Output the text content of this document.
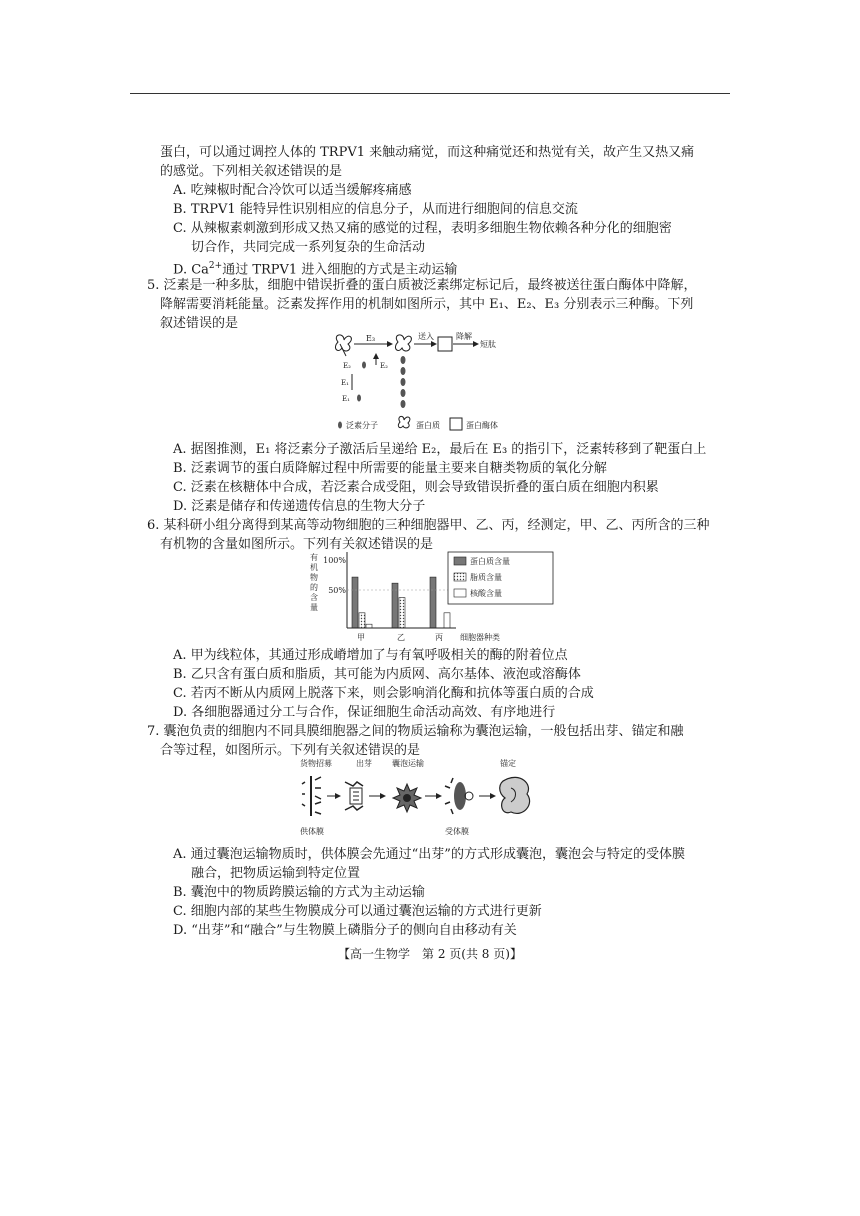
蛋白，可以通过调控人体的 TRPV1 来触动痛觉，而这种痛觉还和热觉有关，故产生又热又痛
的感觉。下列相关叙述错误的是
A. 吃辣椒时配合冷饮可以适当缓解疼痛感
B. TRPV1 能特异性识别相应的信息分子，从而进行细胞间的信息交流
C. 从辣椒素刺激到形成又热又痛的感觉的过程，表明多细胞生物依赖各种分化的细胞密
切合作，共同完成一系列复杂的生命活动
D. $Ca^{2+}$通过 TRPV1 进入细胞的方式是主动运输
5. 泛素是一种多肽，细胞中错误折叠的蛋白质被泛素绑定标记后，最终被送往蛋白酶体中降解，
降解需要消耗能量。泛素发挥作用的机制如图所示，其中 E₁、E₂、E₃ 分别表示三种酶。下列
叙述错误的是
E₃	送入	降解
短肽
E₂	E₂
E₁
E₁
泛素分子	蛋白质	蛋白酶体
A. 据图推测，E₁ 将泛素分子激活后呈递给 E₂，最后在 E₃ 的指引下，泛素转移到了靶蛋白上
B. 泛素调节的蛋白质降解过程中所需要的能量主要来自糖类物质的氧化分解
C. 泛素在核糖体中合成，若泛素合成受阻，则会导致错误折叠的蛋白质在细胞内积累
D. 泛素是储存和传递遗传信息的生物大分子
6. 某科研小组分离得到某高等动物细胞的三种细胞器甲、乙、丙，经测定，甲、乙、丙所含的三种
有机物的含量如图所示。下列有关叙述错误的是
有
机
物
的
含
量
100%
50%
甲	乙	丙 细胞器种类
蛋白质含量
脂质含量
核酸含量
A. 甲为线粒体，其通过形成嵴增加了与有氧呼吸相关的酶的附着位点
B. 乙只含有蛋白质和脂质，其可能为内质网、高尔基体、液泡或溶酶体
C. 若丙不断从内质网上脱落下来，则会影响消化酶和抗体等蛋白质的合成
D. 各细胞器通过分工与合作，保证细胞生命活动高效、有序地进行
7. 囊泡负责的细胞内不同具膜细胞器之间的物质运输称为囊泡运输，一般包括出芽、锚定和融
合等过程，如图所示。下列有关叙述错误的是
货物招募	出芽	囊泡运输	锚定
供体膜	受体膜
A. 通过囊泡运输物质时，供体膜会先通过“出芽”的方式形成囊泡，囊泡会与特定的受体膜
融合，把物质运输到特定位置
B. 囊泡中的物质跨膜运输的方式为主动运输
C. 细胞内部的某些生物膜成分可以通过囊泡运输的方式进行更新
D. “出芽”和“融合”与生物膜上磷脂分子的侧向自由移动有关
【高一生物学　第 2 页(共 8 页)】
